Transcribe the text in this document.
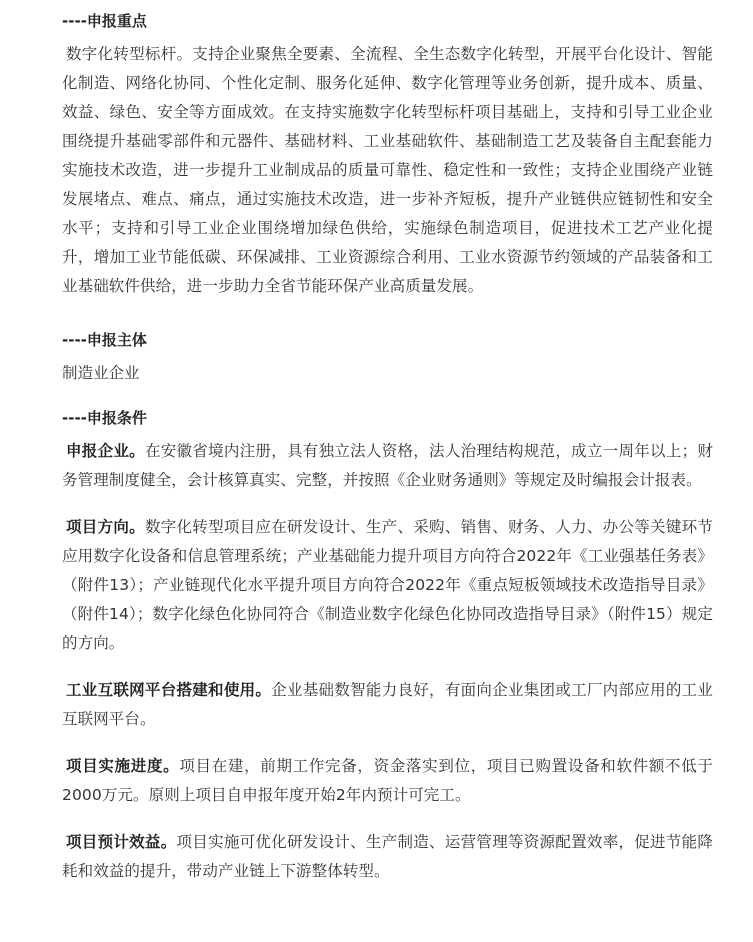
----申报重点

数字化转型标杆。支持企业聚焦全要素、全流程、全生态数字化转型，开展平台化设计、智能化制造、网络化协同、个性化定制、服务化延伸、数字化管理等业务创新，提升成本、质量、效益、绿色、安全等方面成效。在支持实施数字化转型标杆项目基础上，支持和引导工业企业围绕提升基础零部件和元器件、基础材料、工业基础软件、基础制造工艺及装备自主配套能力实施技术改造，进一步提升工业制成品的质量可靠性、稳定性和一致性；支持企业围绕产业链发展堵点、难点、痛点，通过实施技术改造，进一步补齐短板，提升产业链供应链韧性和安全水平；支持和引导工业企业围绕增加绿色供给，实施绿色制造项目，促进技术工艺产业化提升，增加工业节能低碳、环保减排、工业资源综合利用、工业水资源节约领域的产品装备和工业基础软件供给，进一步助力全省节能环保产业高质量发展。

----申报主体

制造业企业

----申报条件

申报企业。在安徽省境内注册，具有独立法人资格，法人治理结构规范，成立一周年以上；财务管理制度健全，会计核算真实、完整，并按照《企业财务通则》等规定及时编报会计报表。

项目方向。数字化转型项目应在研发设计、生产、采购、销售、财务、人力、办公等关键环节应用数字化设备和信息管理系统；产业基础能力提升项目方向符合2022年《工业强基任务表》（附件13）；产业链现代化水平提升项目方向符合2022年《重点短板领域技术改造指导目录》（附件14）；数字化绿色化协同符合《制造业数字化绿色化协同改造指导目录》（附件15）规定的方向。

工业互联网平台搭建和使用。企业基础数智能力良好，有面向企业集团或工厂内部应用的工业互联网平台。

项目实施进度。项目在建，前期工作完备，资金落实到位，项目已购置设备和软件额不低于2000万元。原则上项目自申报年度开始2年内预计可完工。

项目预计效益。项目实施可优化研发设计、生产制造、运营管理等资源配置效率，促进节能降耗和效益的提升，带动产业链上下游整体转型。
